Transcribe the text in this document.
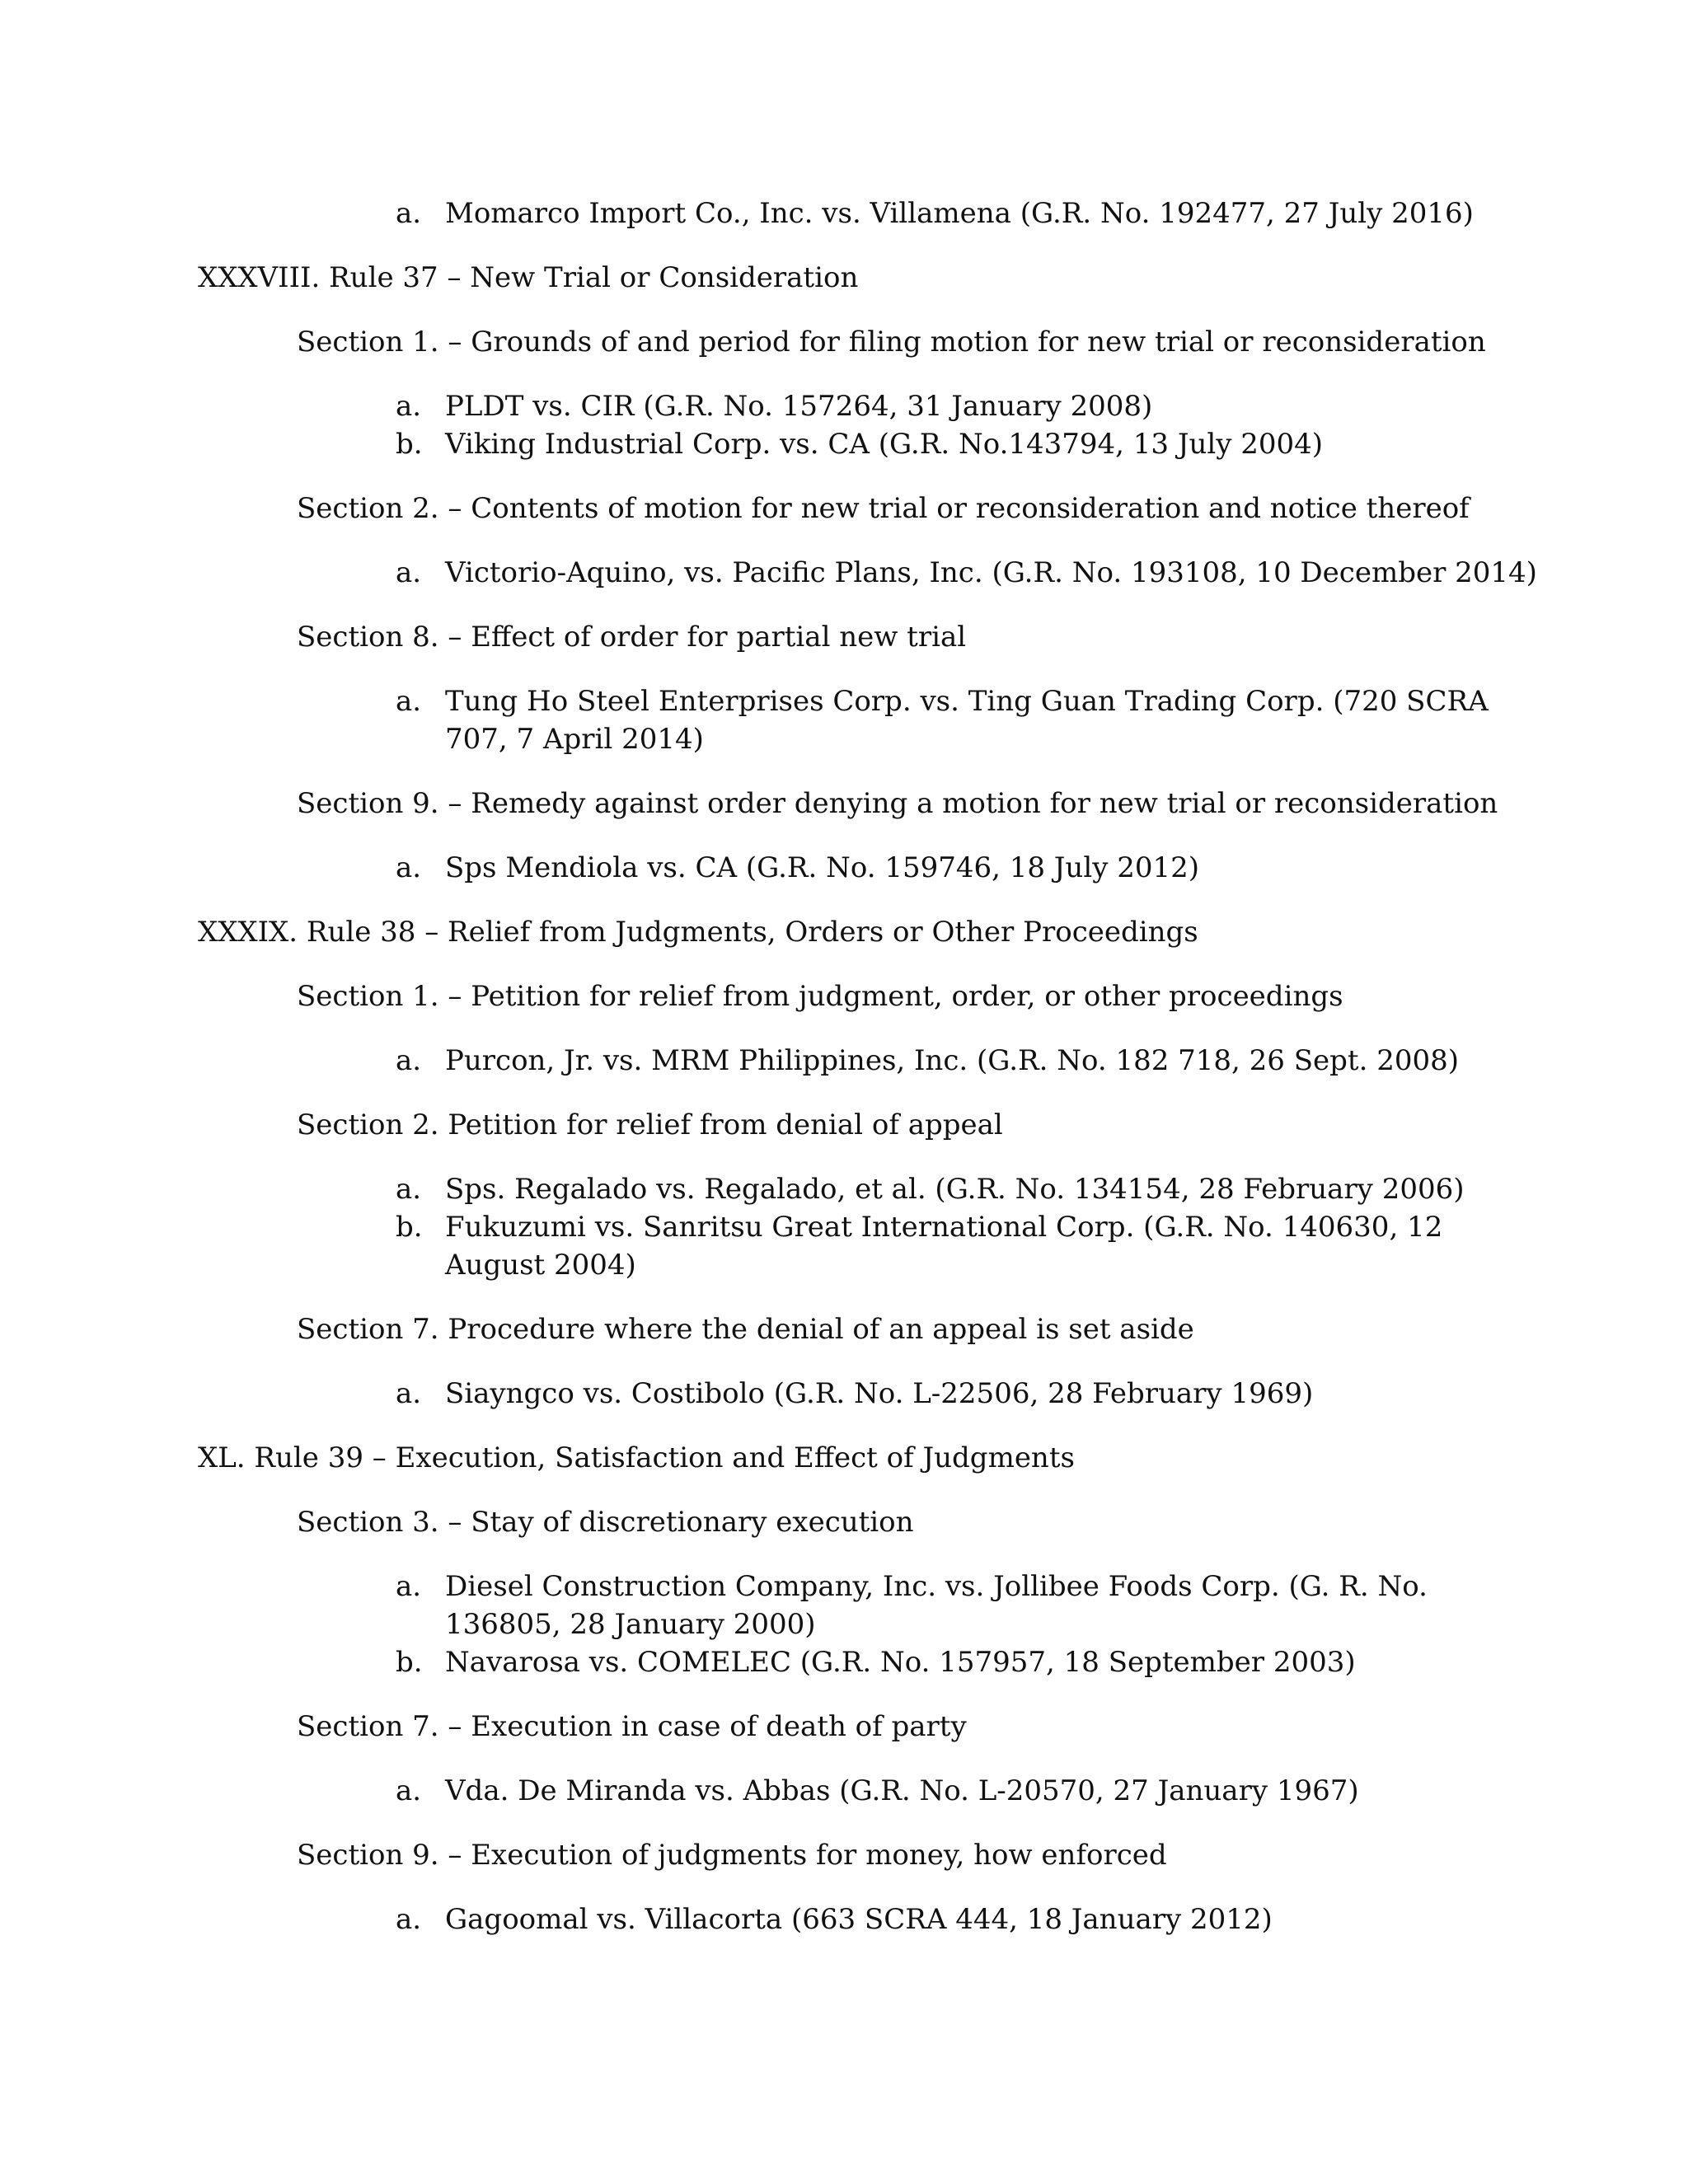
a. Momarco Import Co., Inc. vs. Villamena (G.R. No. 192477, 27 July 2016)
XXXVIII. Rule 37 – New Trial or Consideration
Section 1. – Grounds of and period for filing motion for new trial or reconsideration
a. PLDT vs. CIR (G.R. No. 157264, 31 January 2008)
b. Viking Industrial Corp. vs. CA (G.R. No.143794, 13 July 2004)
Section 2. – Contents of motion for new trial or reconsideration and notice thereof
a. Victorio-Aquino, vs. Pacific Plans, Inc. (G.R. No. 193108, 10 December 2014)
Section 8. – Effect of order for partial new trial
a. Tung Ho Steel Enterprises Corp. vs. Ting Guan Trading Corp. (720 SCRA
707, 7 April 2014)
Section 9. – Remedy against order denying a motion for new trial or reconsideration
a. Sps Mendiola vs. CA (G.R. No. 159746, 18 July 2012)
XXXIX. Rule 38 – Relief from Judgments, Orders or Other Proceedings
Section 1. – Petition for relief from judgment, order, or other proceedings
a. Purcon, Jr. vs. MRM Philippines, Inc. (G.R. No. 182 718, 26 Sept. 2008)
Section 2. Petition for relief from denial of appeal
a. Sps. Regalado vs. Regalado, et al. (G.R. No. 134154, 28 February 2006)
b. Fukuzumi vs. Sanritsu Great International Corp. (G.R. No. 140630, 12
August 2004)
Section 7. Procedure where the denial of an appeal is set aside
a. Siayngco vs. Costibolo (G.R. No. L-22506, 28 February 1969)
XL. Rule 39 – Execution, Satisfaction and Effect of Judgments
Section 3. – Stay of discretionary execution
a. Diesel Construction Company, Inc. vs. Jollibee Foods Corp. (G. R. No.
136805, 28 January 2000)
b. Navarosa vs. COMELEC (G.R. No. 157957, 18 September 2003)
Section 7. – Execution in case of death of party
a. Vda. De Miranda vs. Abbas (G.R. No. L-20570, 27 January 1967)
Section 9. – Execution of judgments for money, how enforced
a. Gagoomal vs. Villacorta (663 SCRA 444, 18 January 2012)
